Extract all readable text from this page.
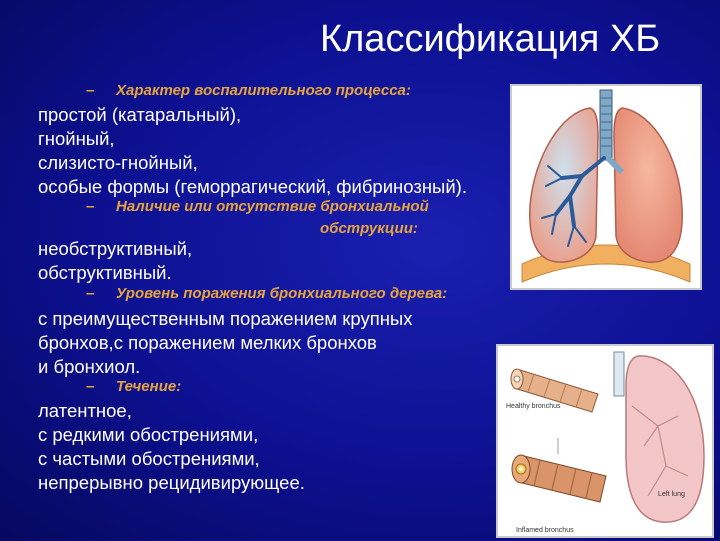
Классификация ХБ
– Характер воспалительного процесса:
простой (катаральный),
гнойный,
слизисто-гнойный,
особые формы (геморрагический, фибринозный).
– Наличие или отсутствие бронхиальной
обструкции:
необструктивный,
обструктивный.
– Уровень поражения бронхиального дерева:
с преимущественным поражением крупных
бронхов,с поражением мелких бронхов
и бронхиол.
– Течение:
латентное,
с редкими обострениями,
с частыми обострениями,
непрерывно рецидивирующее.
Healthy bronchus
Left lung
Inflamed bronchus
